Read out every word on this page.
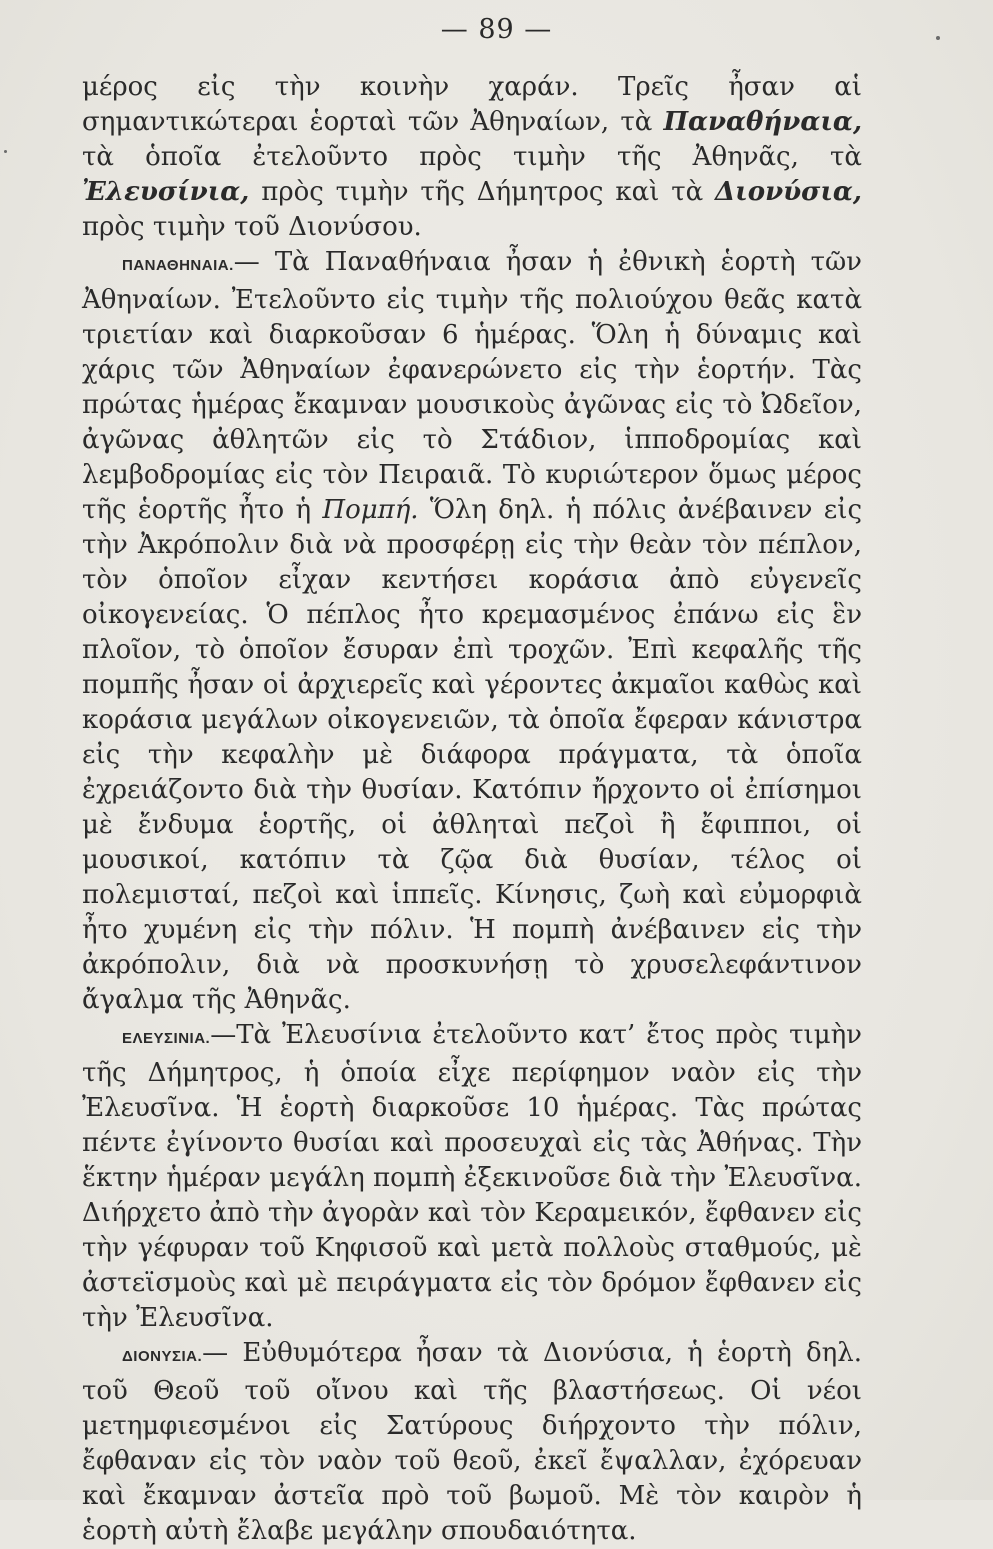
— 89 —

μέρος εἰς τὴν κοινὴν χαράν. Τρεῖς ἦσαν αἱ σημαντικώτεραι ἑορταὶ τῶν Ἀθηναίων, τὰ Παναθήναια, τὰ ὁποῖα ἐτελοῦντο πρὸς τιμὴν τῆς Ἀθηνᾶς, τὰ Ἐλευσίνια, πρὸς τιμὴν τῆς Δήμητρος καὶ τὰ Διονύσια, πρὸς τιμὴν τοῦ Διονύσου.

ΠΑΝΑΘΗΝΑΙΑ.— Τὰ Παναθήναια ἦσαν ἡ ἐθνικὴ ἑορτὴ τῶν Ἀθηναίων. Ἐτελοῦντο εἰς τιμὴν τῆς πολιούχου θεᾶς κατὰ τριετίαν καὶ διαρκοῦσαν 6 ἡμέρας. Ὅλη ἡ δύναμις καὶ χάρις τῶν Ἀθηναίων ἐφανερώνετο εἰς τὴν ἑορτήν. Τὰς πρώτας ἡμέρας ἔκαμναν μουσικοὺς ἀγῶνας εἰς τὸ Ὠδεῖον, ἀγῶνας ἀθλητῶν εἰς τὸ Στάδιον, ἱπποδρομίας καὶ λεμβοδρομίας εἰς τὸν Πειραιᾶ. Τὸ κυριώτερον ὅμως μέρος τῆς ἑορτῆς ἦτο ἡ Πομπή. Ὅλη δηλ. ἡ πόλις ἀνέβαινεν εἰς τὴν Ἀκρόπολιν διὰ νὰ προσφέρῃ εἰς τὴν θεὰν τὸν πέπλον, τὸν ὁποῖον εἶχαν κεντήσει κοράσια ἀπὸ εὐγενεῖς οἰκογενείας. Ὁ πέπλος ἦτο κρεμασμένος ἐπάνω εἰς ἓν πλοῖον, τὸ ὁποῖον ἔσυραν ἐπὶ τροχῶν. Ἐπὶ κεφαλῆς τῆς πομπῆς ἦσαν οἱ ἀρχιερεῖς καὶ γέροντες ἀκμαῖοι καθὼς καὶ κοράσια μεγάλων οἰκογενειῶν, τὰ ὁποῖα ἔφεραν κάνιστρα εἰς τὴν κεφαλὴν μὲ διάφορα πράγματα, τὰ ὁποῖα ἐχρειάζοντο διὰ τὴν θυσίαν. Κατόπιν ἤρχοντο οἱ ἐπίσημοι μὲ ἔνδυμα ἑορτῆς, οἱ ἀθληταὶ πεζοὶ ἢ ἔφιπποι, οἱ μουσικοί, κατόπιν τὰ ζῷα διὰ θυσίαν, τέλος οἱ πολεμισταί, πεζοὶ καὶ ἱππεῖς. Κίνησις, ζωὴ καὶ εὐμορφιὰ ἦτο χυμένη εἰς τὴν πόλιν. Ἡ πομπὴ ἀνέβαινεν εἰς τὴν ἀκρόπολιν, διὰ νὰ προσκυνήσῃ τὸ χρυσελεφάντινον ἄγαλμα τῆς Ἀθηνᾶς.

ΕΛΕΥΣΙΝΙΑ.—Τὰ Ἐλευσίνια ἐτελοῦντο κατ’ ἔτος πρὸς τιμὴν τῆς Δήμητρος, ἡ ὁποία εἶχε περίφημον ναὸν εἰς τὴν Ἐλευσῖνα. Ἡ ἑορτὴ διαρκοῦσε 10 ἡμέρας. Τὰς πρώτας πέντε ἐγίνοντο θυσίαι καὶ προσευχαὶ εἰς τὰς Ἀθήνας. Τὴν ἕκτην ἡμέραν μεγάλη πομπὴ ἐξεκινοῦσε διὰ τὴν Ἐλευσῖνα. Διήρχετο ἀπὸ τὴν ἀγορὰν καὶ τὸν Κεραμεικόν, ἔφθανεν εἰς τὴν γέφυραν τοῦ Κηφισοῦ καὶ μετὰ πολλοὺς σταθμούς, μὲ ἀστεϊσμοὺς καὶ μὲ πειράγματα εἰς τὸν δρόμον ἔφθανεν εἰς τὴν Ἐλευσῖνα.

ΔΙΟΝΥΣΙΑ.— Εὐθυμότερα ἦσαν τὰ Διονύσια, ἡ ἑορτὴ δηλ. τοῦ Θεοῦ τοῦ οἴνου καὶ τῆς βλαστήσεως. Οἱ νέοι μετημφιεσμένοι εἰς Σατύρους διήρχοντο τὴν πόλιν, ἔφθαναν εἰς τὸν ναὸν τοῦ θεοῦ, ἐκεῖ ἔψαλλαν, ἐχόρευαν καὶ ἔκαμναν ἀστεῖα πρὸ τοῦ βωμοῦ. Μὲ τὸν καιρὸν ἡ ἑορτὴ αὐτὴ ἔλαβε μεγάλην σπουδαιότητα.
